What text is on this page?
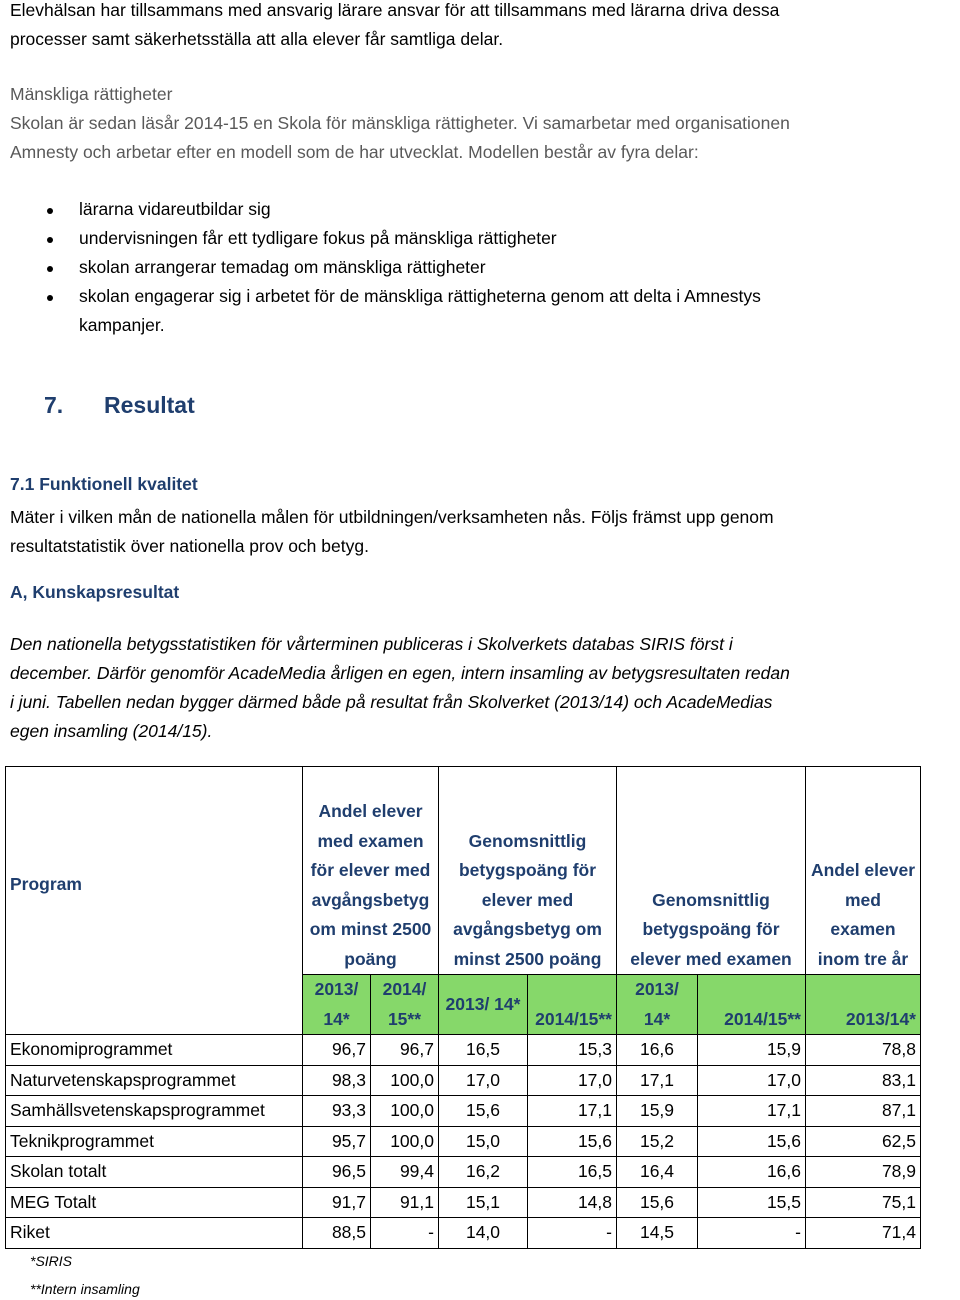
Elevhälsan har tillsammans med ansvarig lärare ansvar för att tillsammans med lärarna driva dessa
processer samt säkerhetsställa att alla elever får samtliga delar.
Mänskliga rättigheter
Skolan är sedan läsår 2014-15 en Skola för mänskliga rättigheter. Vi samarbetar med organisationen
Amnesty och arbetar efter en modell som de har utvecklat. Modellen består av fyra delar:
lärarna vidareutbildar sig
undervisningen får ett tydligare fokus på mänskliga rättigheter
skolan arrangerar temadag om mänskliga rättigheter
skolan engagerar sig i arbetet för de mänskliga rättigheterna genom att delta i Amnestys
kampanjer.
7. Resultat
7.1 Funktionell kvalitet
Mäter i vilken mån de nationella målen för utbildningen/verksamheten nås. Följs främst upp genom
resultatstatistik över nationella prov och betyg.
A, Kunskapsresultat
Den nationella betygsstatistiken för vårterminen publiceras i Skolverkets databas SIRIS först i
december. Därför genomför AcadeMedia årligen en egen, intern insamling av betygsresultaten redan
i juni. Tabellen nedan bygger därmed både på resultat från Skolverket (2013/14) och AcadeMedias
egen insamling (2014/15).
Program	Andel elever med examen för elever med avgångsbetyg om minst 2500 poäng		Genomsnittlig betygspoäng för elever med avgångsbetyg om minst 2500 poäng		Genomsnittlig betygspoäng för elever med examen		Andel elever med examen inom tre år
	2013/ 14*	2014/ 15**	2013/ 14*	2014/15**	2013/ 14*	2014/15**	2013/14*
Ekonomiprogrammet	96,7	96,7	16,5	15,3	16,6	15,9	78,8
Naturvetenskapsprogrammet	98,3	100,0	17,0	17,0	17,1	17,0	83,1
Samhällsvetenskapsprogrammet	93,3	100,0	15,6	17,1	15,9	17,1	87,1
Teknikprogrammet	95,7	100,0	15,0	15,6	15,2	15,6	62,5
Skolan totalt	96,5	99,4	16,2	16,5	16,4	16,6	78,9
MEG Totalt	91,7	91,1	15,1	14,8	15,6	15,5	75,1
Riket	88,5	-	14,0	-	14,5	-	71,4
*SIRIS
**Intern insamling
